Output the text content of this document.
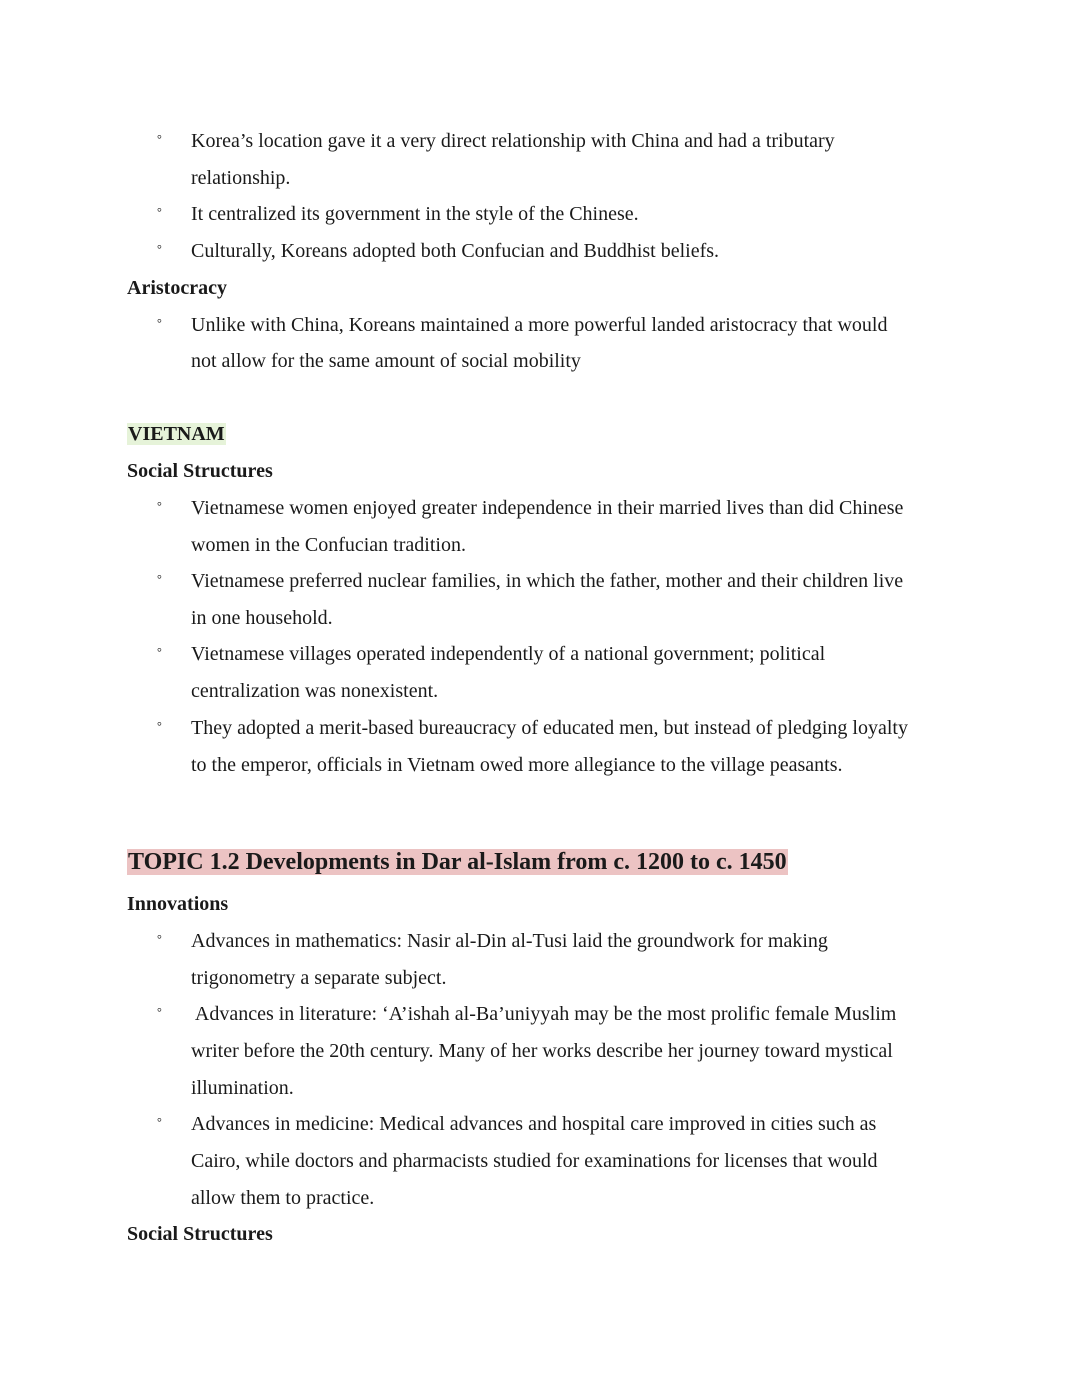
° Korea’s location gave it a very direct relationship with China and had a tributary
relationship.
° It centralized its government in the style of the Chinese.
° Culturally, Koreans adopted both Confucian and Buddhist beliefs.
Aristocracy
° Unlike with China, Koreans maintained a more powerful landed aristocracy that would
not allow for the same amount of social mobility
VIETNAM
Social Structures
° Vietnamese women enjoyed greater independence in their married lives than did Chinese
women in the Confucian tradition.
° Vietnamese preferred nuclear families, in which the father, mother and their children live
in one household.
° Vietnamese villages operated independently of a national government; political
centralization was nonexistent.
° They adopted a merit-based bureaucracy of educated men, but instead of pledging loyalty
to the emperor, officials in Vietnam owed more allegiance to the village peasants.
TOPIC 1.2 Developments in Dar al-Islam from c. 1200 to c. 1450
Innovations
° Advances in mathematics: Nasir al-Din al-Tusi laid the groundwork for making
trigonometry a separate subject.
° Advances in literature: ‘A’ishah al-Ba’uniyyah may be the most prolific female Muslim
writer before the 20th century. Many of her works describe her journey toward mystical
illumination.
° Advances in medicine: Medical advances and hospital care improved in cities such as
Cairo, while doctors and pharmacists studied for examinations for licenses that would
allow them to practice.
Social Structures
